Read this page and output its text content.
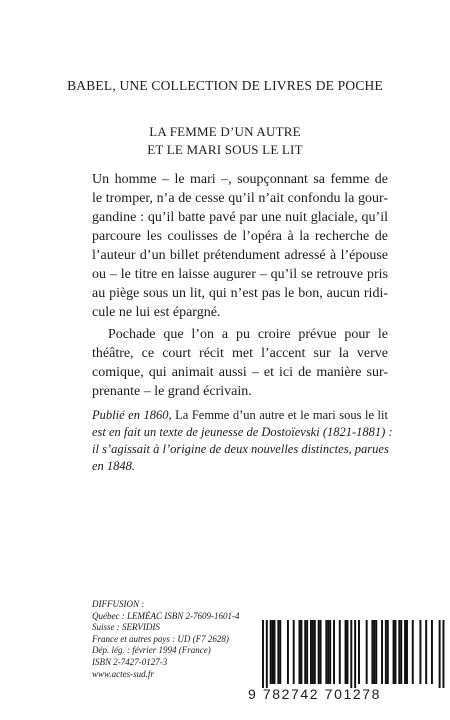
BABEL, UNE COLLECTION DE LIVRES DE POCHE
LA FEMME D’UN AUTRE
ET LE MARI SOUS LE LIT
Un homme – le mari –, soupçonnant sa femme de
le tromper, n’a de cesse qu’il n’ait confondu la gour-
gandine : qu’il batte pavé par une nuit glaciale, qu’il
parcoure les coulisses de l’opéra à la recherche de
l’auteur d’un billet prétendument adressé à l’épouse
ou – le titre en laisse augurer – qu’il se retrouve pris
au piège sous un lit, qui n’est pas le bon, aucun ridi-
cule ne lui est épargné.
Pochade que l’on a pu croire prévue pour le
théâtre, ce court récit met l’accent sur la verve
comique, qui animait aussi – et ici de manière sur-
prenante – le grand écrivain.
Publié en 1860, La Femme d’un autre et le mari sous le lit
est en fait un texte de jeunesse de Dostoïevski (1821-1881) :
il s’agissait à l’origine de deux nouvelles distinctes, parues
en 1848.
DIFFUSION :
Québec : LEMÉAC ISBN 2-7609-1601-4
Suisse : SERVIDIS
France et autres pays : UD (F7 2628)
Dép. lég. : février 1994 (France)
ISBN 2-7427-0127-3
www.actes-sud.fr
9 782742 701278
